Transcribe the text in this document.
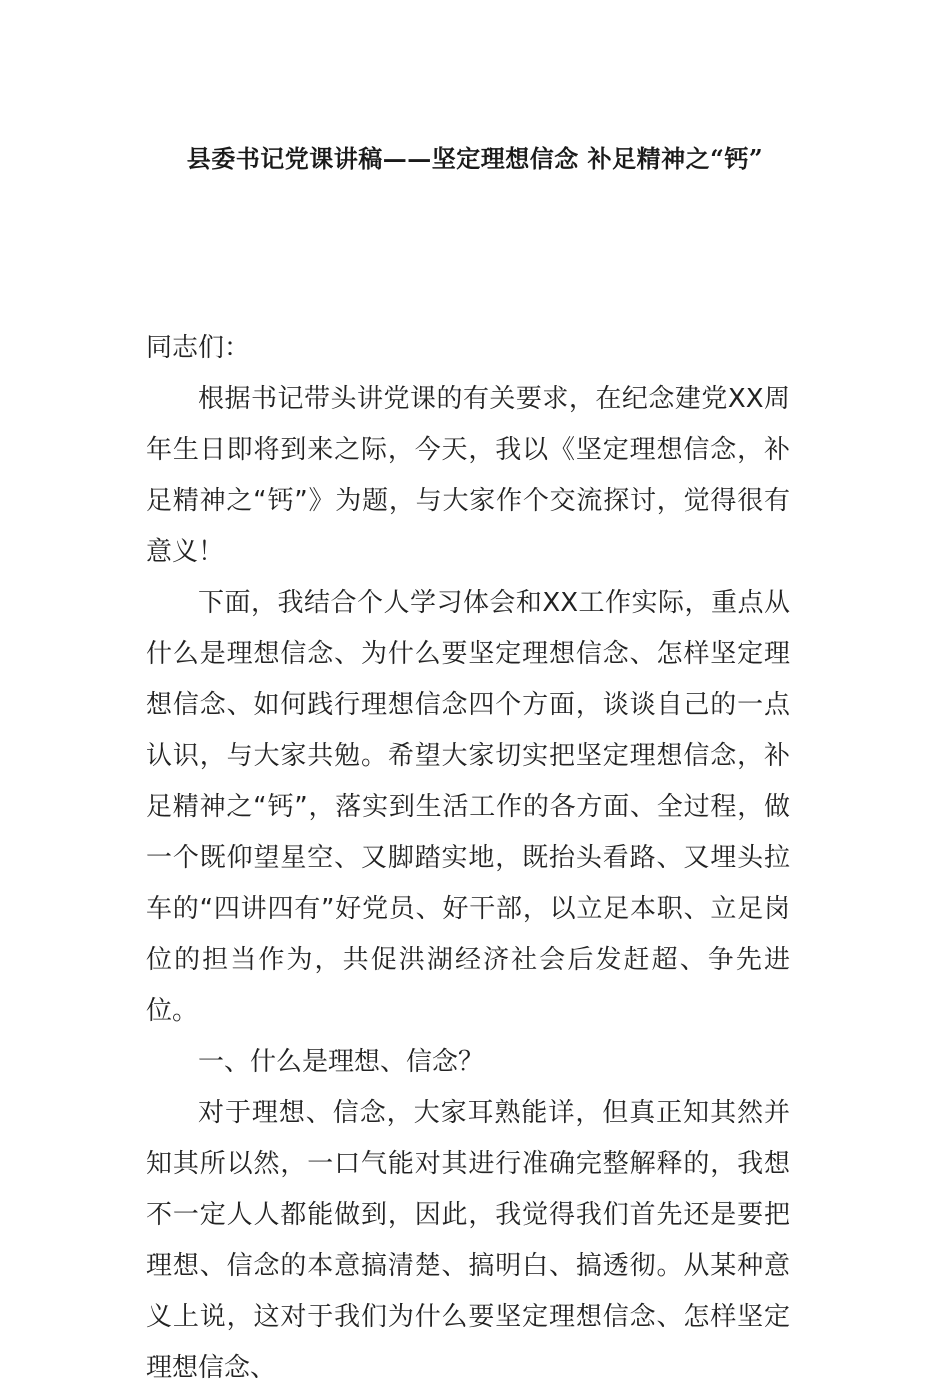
县委书记党课讲稿——坚定理想信念 补足精神之“钙”

同志们：

根据书记带头讲党课的有关要求，在纪念建党XX周年生日即将到来之际，今天，我以《坚定理想信念，补足精神之“钙”》为题，与大家作个交流探讨，觉得很有意义！

下面，我结合个人学习体会和XX工作实际，重点从什么是理想信念、为什么要坚定理想信念、怎样坚定理想信念、如何践行理想信念四个方面，谈谈自己的一点认识，与大家共勉。希望大家切实把坚定理想信念，补足精神之“钙”，落实到生活工作的各方面、全过程，做一个既仰望星空、又脚踏实地，既抬头看路、又埋头拉车的“四讲四有”好党员、好干部，以立足本职、立足岗位的担当作为，共促洪湖经济社会后发赶超、争先进位。

一、什么是理想、信念？

对于理想、信念，大家耳熟能详，但真正知其然并知其所以然，一口气能对其进行准确完整解释的，我想不一定人人都能做到，因此，我觉得我们首先还是要把理想、信念的本意搞清楚、搞明白、搞透彻。从某种意义上说，这对于我们为什么要坚定理想信念、怎样坚定理想信念、
